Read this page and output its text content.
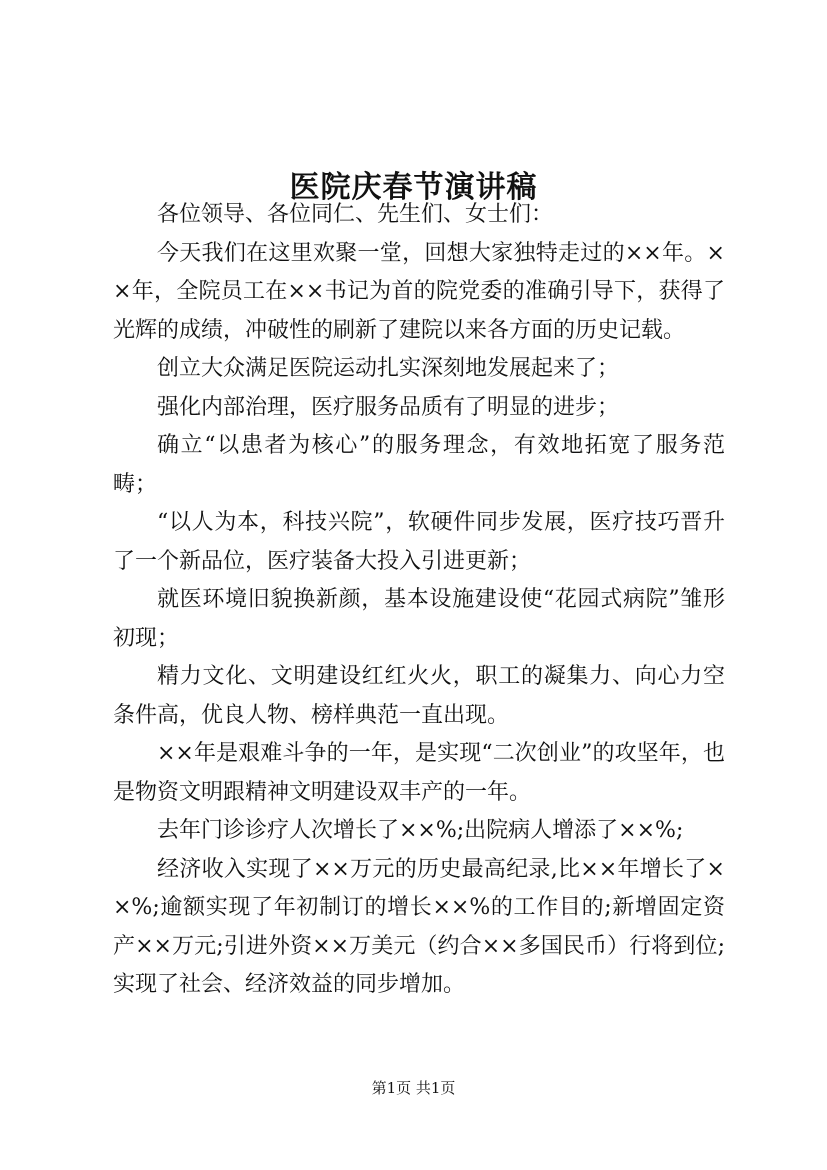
医院庆春节演讲稿

各位领导、各位同仁、先生们、女士们：

今天我们在这里欢聚一堂，回想大家独特走过的××年。××年，全院员工在××书记为首的院党委的准确引导下，获得了光辉的成绩，冲破性的刷新了建院以来各方面的历史记载。

创立大众满足医院运动扎实深刻地发展起来了；

强化内部治理，医疗服务品质有了明显的进步；

确立“以患者为核心”的服务理念，有效地拓宽了服务范畴；

“以人为本，科技兴院”，软硬件同步发展，医疗技巧晋升了一个新品位，医疗装备大投入引进更新；

就医环境旧貌换新颜，基本设施建设使“花园式病院”雏形初现；

精力文化、文明建设红红火火，职工的凝集力、向心力空条件高，优良人物、榜样典范一直出现。

××年是艰难斗争的一年，是实现“二次创业”的攻坚年，也是物资文明跟精神文明建设双丰产的一年。

去年门诊诊疗人次增长了××%;出院病人增添了××%;

经济收入实现了××万元的历史最高纪录,比××年增长了××%;逾额实现了年初制订的增长××%的工作目的;新增固定资产××万元;引进外资××万美元（约合××多国民币）行将到位;实现了社会、经济效益的同步增加。

第1页 共1页
